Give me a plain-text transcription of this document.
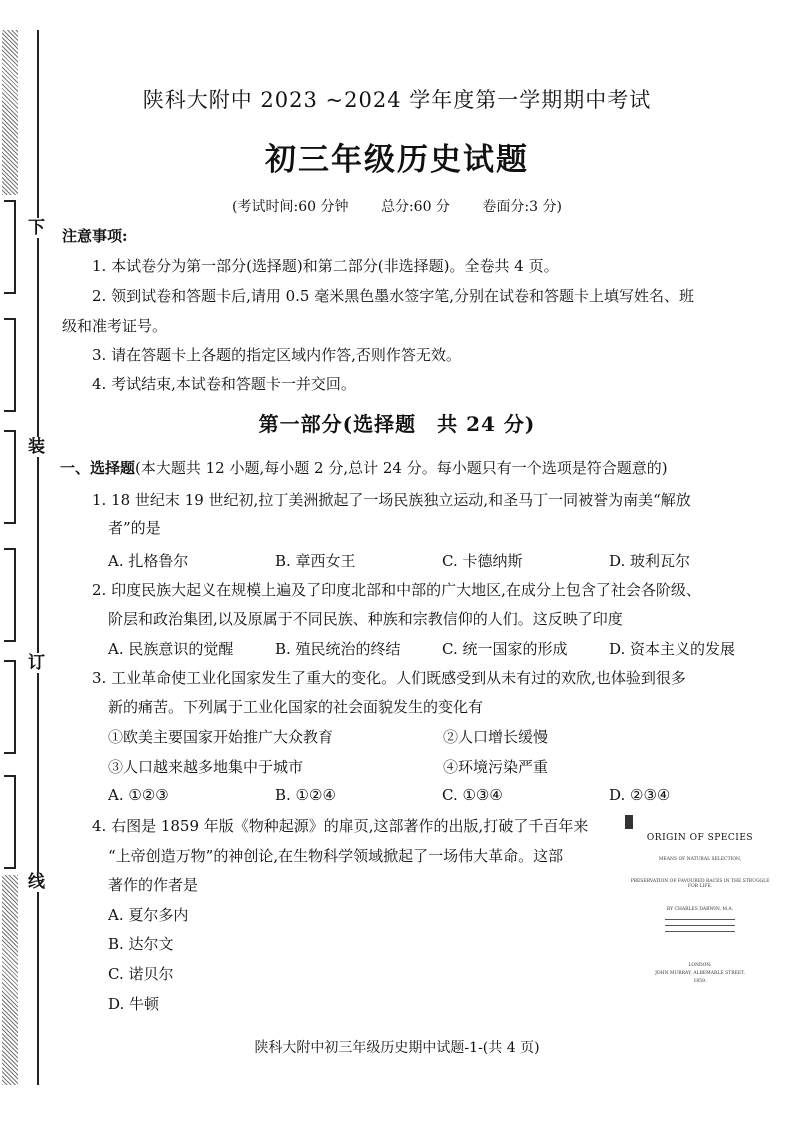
下
装
订
线
陕科大附中 2023 ~2024 学年度第一学期期中考试
初三年级历史试题
(考试时间:60 分钟 总分:60 分 卷面分:3 分)
注意事项:
1. 本试卷分为第一部分(选择题)和第二部分(非选择题)。全卷共 4 页。
2. 领到试卷和答题卡后,请用 0.5 毫米黑色墨水签字笔,分别在试卷和答题卡上填写姓名、班
级和准考证号。
3. 请在答题卡上各题的指定区域内作答,否则作答无效。
4. 考试结束,本试卷和答题卡一并交回。
第一部分(选择题　共 24 分)
一、选择题(本大题共 12 小题,每小题 2 分,总计 24 分。每小题只有一个选项是符合题意的)
1. 18 世纪末 19 世纪初,拉丁美洲掀起了一场民族独立运动,和圣马丁一同被誉为南美“解放
者”的是
A. 扎格鲁尔	B. 章西女王	C. 卡德纳斯	D. 玻利瓦尔
2. 印度民族大起义在规模上遍及了印度北部和中部的广大地区,在成分上包含了社会各阶级、
阶层和政治集团,以及原属于不同民族、种族和宗教信仰的人们。这反映了印度
A. 民族意识的觉醒	B. 殖民统治的终结	C. 统一国家的形成	D. 资本主义的发展
3. 工业革命使工业化国家发生了重大的变化。人们既感受到从未有过的欢欣,也体验到很多
新的痛苦。下列属于工业化国家的社会面貌发生的变化有
①欧美主要国家开始推广大众教育	②人口增长缓慢
③人口越来越多地集中于城市	④环境污染严重
A. ①②③	B. ①②④	C. ①③④	D. ②③④
4. 右图是 1859 年版《物种起源》的扉页,这部著作的出版,打破了千百年来
“上帝创造万物”的神创论,在生物科学领域掀起了一场伟大革命。这部
著作的作者是
A. 夏尔多内
B. 达尔文
C. 诺贝尔
D. 牛顿
ORIGIN OF SPECIES
MEANS OF NATURAL SELECTION,
PRESERVATION OF FAVOURED RACES IN THE STRUGGLE FOR LIFE.
BY CHARLES DARWIN, M.A.
LONDON:
JOHN MURRAY, ALBEMARLE STREET.
1859.
陕科大附中初三年级历史期中试题-1-(共 4 页)
